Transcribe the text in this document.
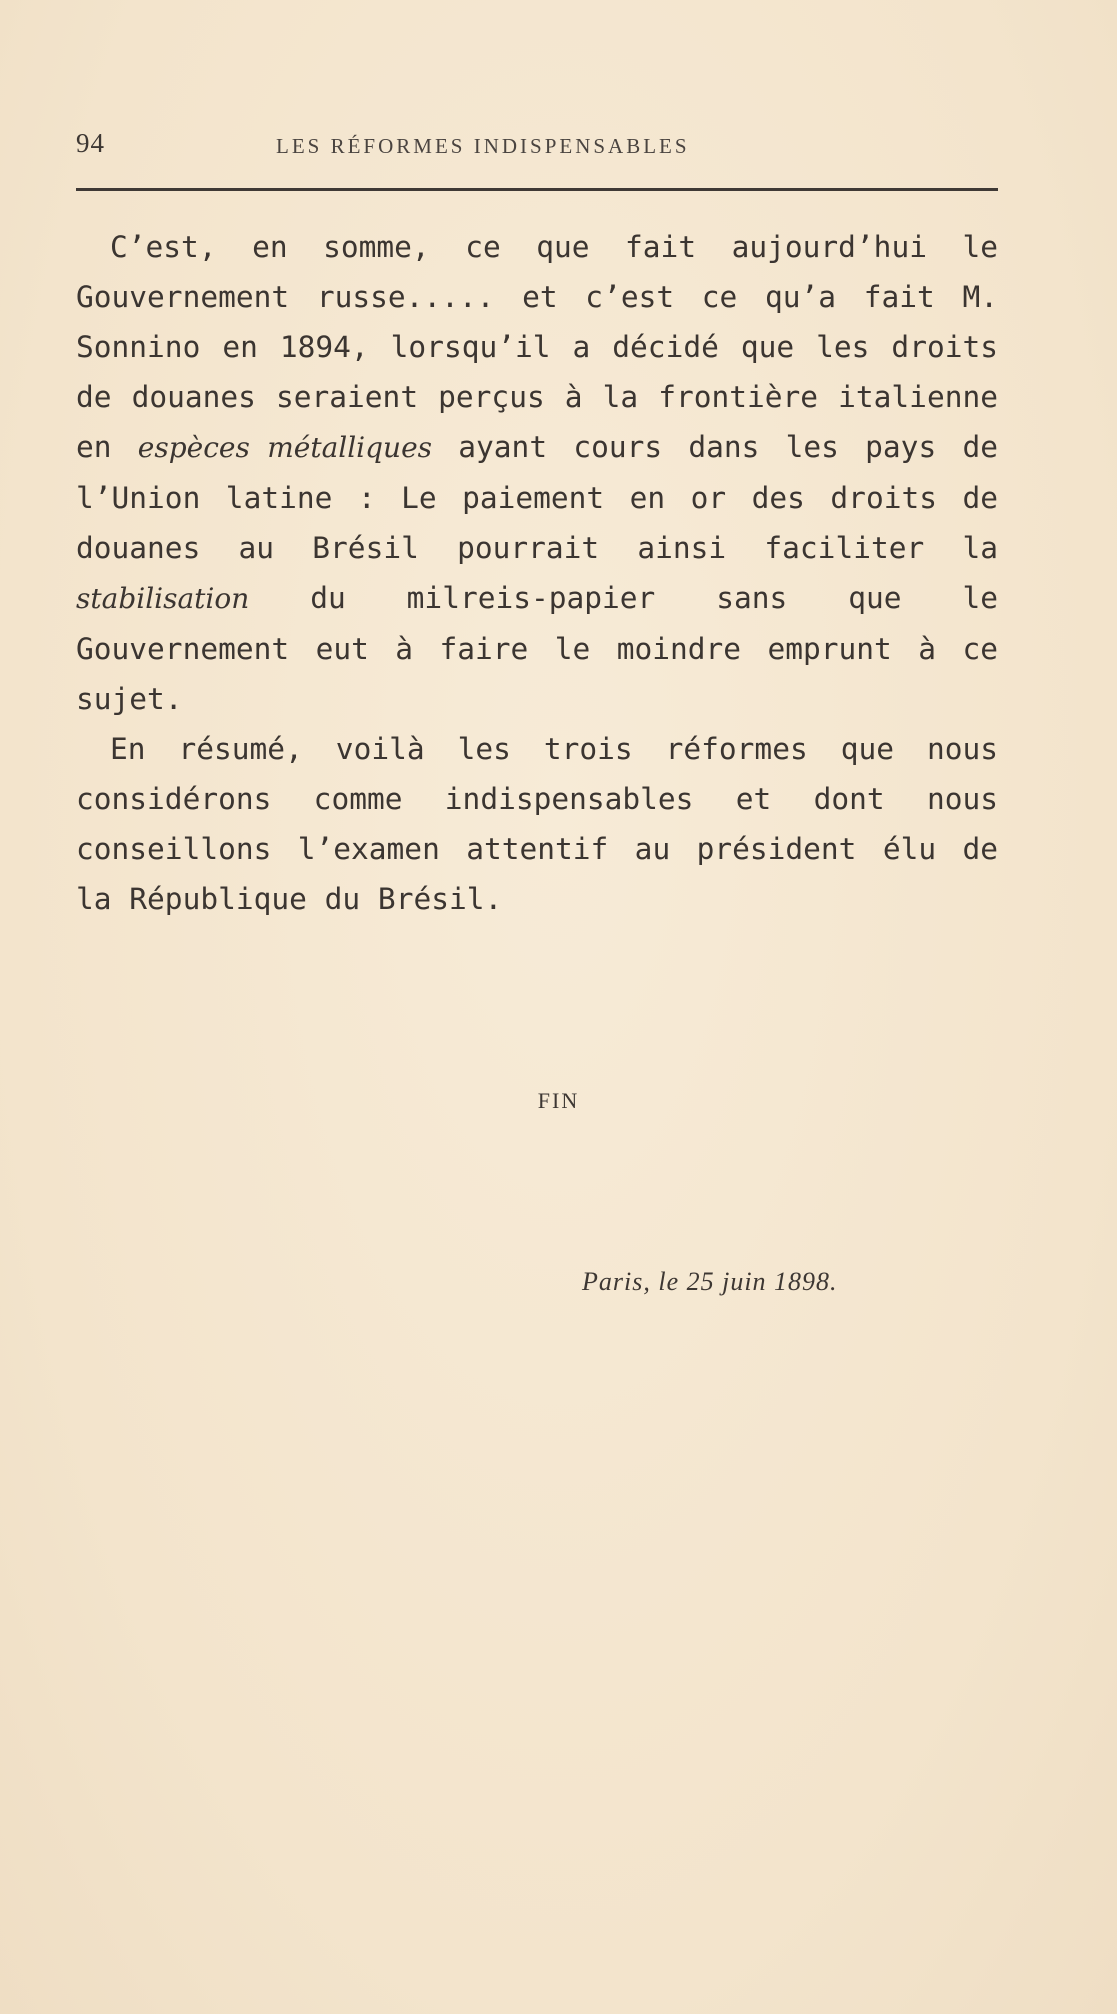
94	LES RÉFORMES INDISPENSABLES

C’est, en somme, ce que fait aujourd’hui le Gouvernement russe..... et c’est ce qu’a fait M. Sonnino en 1894, lorsqu’il a décidé que les droits de douanes seraient perçus à la frontière italienne en espèces métalliques ayant cours dans les pays de l’Union latine : Le paiement en or des droits de douanes au Brésil pourrait ainsi faciliter la stabilisation du milreis-papier sans que le Gouvernement eut à faire le moindre emprunt à ce sujet.

En résumé, voilà les trois réformes que nous considérons comme indispensables et dont nous conseillons l’examen attentif au président élu de la République du Brésil.

FIN
Paris, le 25 juin 1898.
